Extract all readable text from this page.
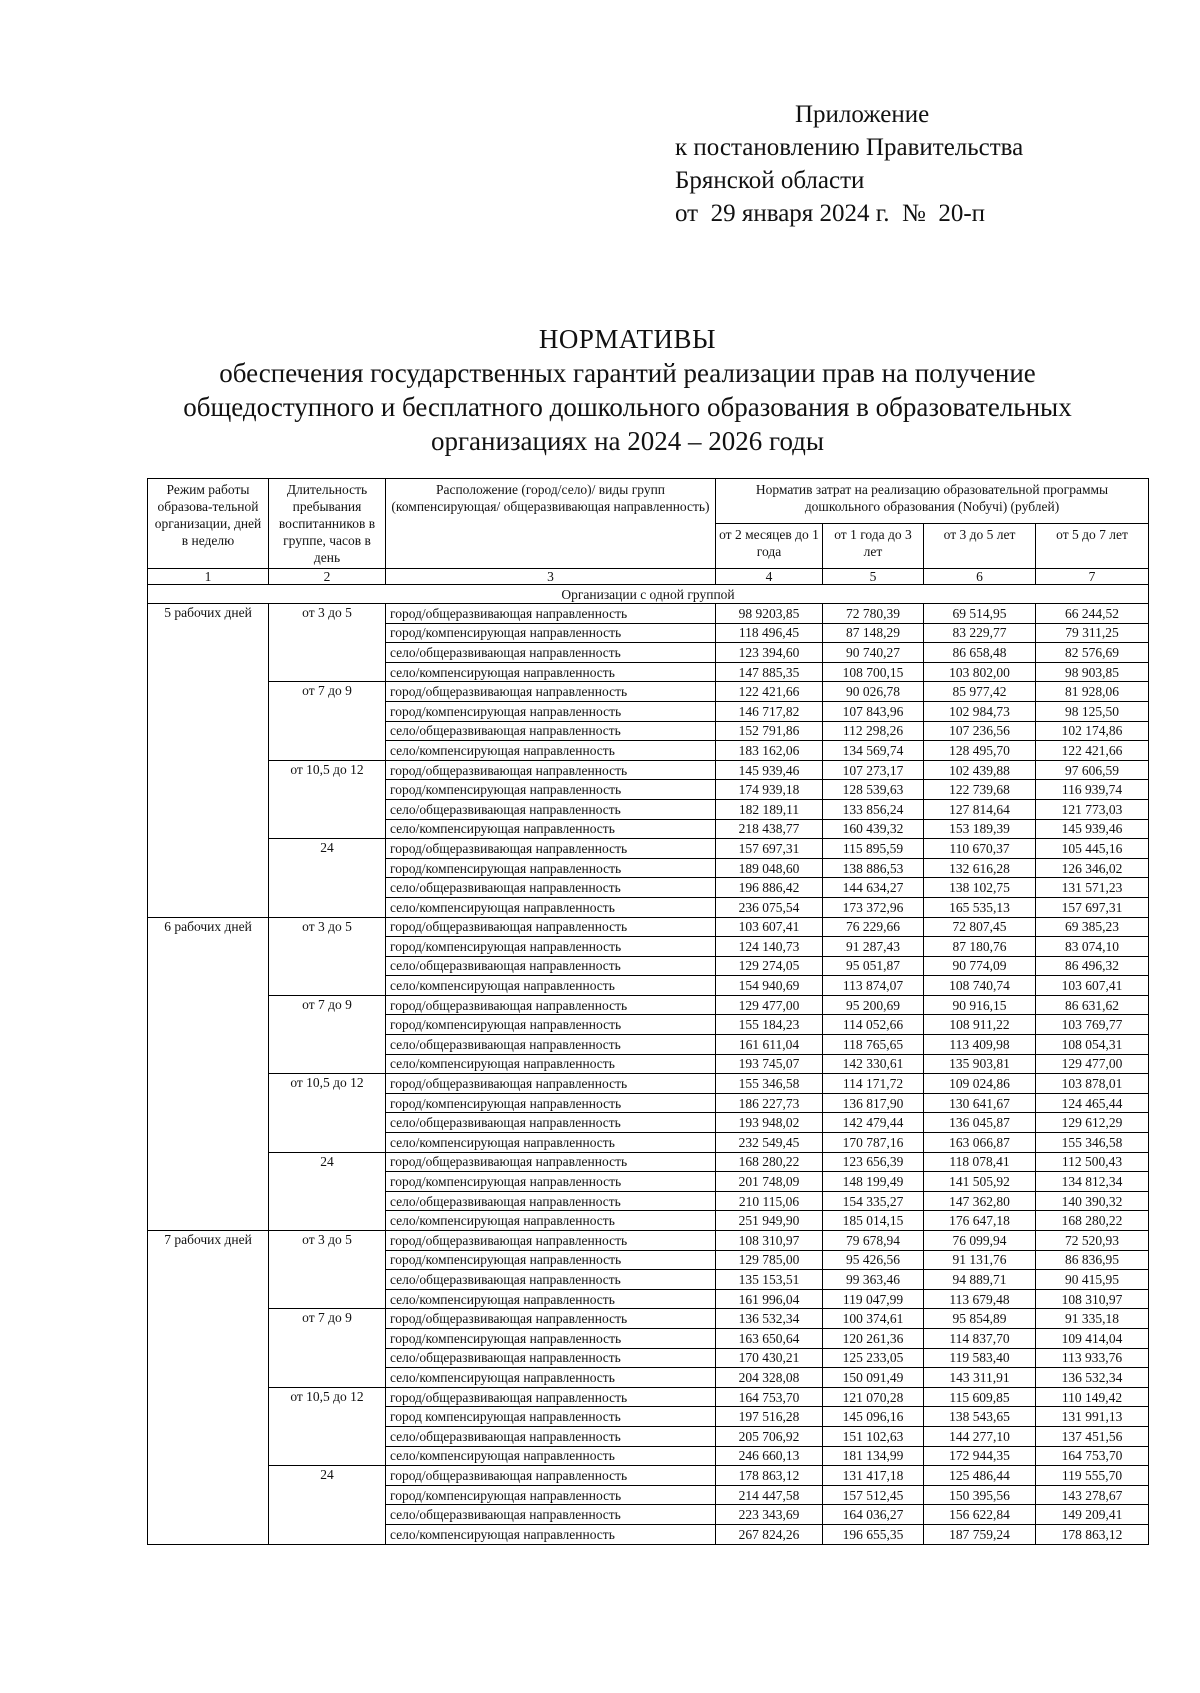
Приложение
к постановлению Правительства
Брянской области
от  29 января 2024 г.  №  20-п
НОРМАТИВЫ
обеспечения государственных гарантий реализации прав на получение
общедоступного и бесплатного дошкольного образования в образовательных
организациях на 2024 – 2026 годы
Режим работы образова-тельной организации, дней в неделю	Длительность пребывания воспитанников в группе, часов в день	Расположение (город/село)/ виды групп (компенсирующая/ общеразвивающая направленность)	Норматив затрат на реализацию образовательной программы дошкольного образования (Nобучі) (рублей)			
			от 2 месяцев до 1 года	от 1 года до 3 лет	от 3 до 5 лет	от 5 до 7 лет
1	2	3	4	5	6	7
Организации с одной группой						
5 рабочих дней	от 3 до 5	город/общеразвивающая направленность	98 9203,85	72 780,39	69 514,95	66 244,52
		город/компенсирующая направленность	118 496,45	87 148,29	83 229,77	79 311,25
		село/общеразвивающая направленность	123 394,60	90 740,27	86 658,48	82 576,69
		село/компенсирующая направленность	147 885,35	108 700,15	103 802,00	98 903,85
	от 7 до 9	город/общеразвивающая направленность	122 421,66	90 026,78	85 977,42	81 928,06
		город/компенсирующая направленность	146 717,82	107 843,96	102 984,73	98 125,50
		село/общеразвивающая направленность	152 791,86	112 298,26	107 236,56	102 174,86
		село/компенсирующая направленность	183 162,06	134 569,74	128 495,70	122 421,66
	от 10,5 до 12	город/общеразвивающая направленность	145 939,46	107 273,17	102 439,88	97 606,59
		город/компенсирующая направленность	174 939,18	128 539,63	122 739,68	116 939,74
		село/общеразвивающая направленность	182 189,11	133 856,24	127 814,64	121 773,03
		село/компенсирующая направленность	218 438,77	160 439,32	153 189,39	145 939,46
	24	город/общеразвивающая направленность	157 697,31	115 895,59	110 670,37	105 445,16
		город/компенсирующая направленность	189 048,60	138 886,53	132 616,28	126 346,02
		село/общеразвивающая направленность	196 886,42	144 634,27	138 102,75	131 571,23
		село/компенсирующая направленность	236 075,54	173 372,96	165 535,13	157 697,31
6 рабочих дней	от 3 до 5	город/общеразвивающая направленность	103 607,41	76 229,66	72 807,45	69 385,23
		город/компенсирующая направленность	124 140,73	91 287,43	87 180,76	83 074,10
		село/общеразвивающая направленность	129 274,05	95 051,87	90 774,09	86 496,32
		село/компенсирующая направленность	154 940,69	113 874,07	108 740,74	103 607,41
	от 7 до 9	город/общеразвивающая направленность	129 477,00	95 200,69	90 916,15	86 631,62
		город/компенсирующая направленность	155 184,23	114 052,66	108 911,22	103 769,77
		село/общеразвивающая направленность	161 611,04	118 765,65	113 409,98	108 054,31
		село/компенсирующая направленность	193 745,07	142 330,61	135 903,81	129 477,00
	от 10,5 до 12	город/общеразвивающая направленность	155 346,58	114 171,72	109 024,86	103 878,01
		город/компенсирующая направленность	186 227,73	136 817,90	130 641,67	124 465,44
		село/общеразвивающая направленность	193 948,02	142 479,44	136 045,87	129 612,29
		село/компенсирующая направленность	232 549,45	170 787,16	163 066,87	155 346,58
	24	город/общеразвивающая направленность	168 280,22	123 656,39	118 078,41	112 500,43
		город/компенсирующая направленность	201 748,09	148 199,49	141 505,92	134 812,34
		село/общеразвивающая направленность	210 115,06	154 335,27	147 362,80	140 390,32
		село/компенсирующая направленность	251 949,90	185 014,15	176 647,18	168 280,22
7 рабочих дней	от 3 до 5	город/общеразвивающая направленность	108 310,97	79 678,94	76 099,94	72 520,93
		город/компенсирующая направленность	129 785,00	95 426,56	91 131,76	86 836,95
		село/общеразвивающая направленность	135 153,51	99 363,46	94 889,71	90 415,95
		село/компенсирующая направленность	161 996,04	119 047,99	113 679,48	108 310,97
	от 7 до 9	город/общеразвивающая направленность	136 532,34	100 374,61	95 854,89	91 335,18
		город/компенсирующая направленность	163 650,64	120 261,36	114 837,70	109 414,04
		село/общеразвивающая направленность	170 430,21	125 233,05	119 583,40	113 933,76
		село/компенсирующая направленность	204 328,08	150 091,49	143 311,91	136 532,34
	от 10,5 до 12	город/общеразвивающая направленность	164 753,70	121 070,28	115 609,85	110 149,42
		город компенсирующая направленность	197 516,28	145 096,16	138 543,65	131 991,13
		село/общеразвивающая направленность	205 706,92	151 102,63	144 277,10	137 451,56
		село/компенсирующая направленность	246 660,13	181 134,99	172 944,35	164 753,70
	24	город/общеразвивающая направленность	178 863,12	131 417,18	125 486,44	119 555,70
		город/компенсирующая направленность	214 447,58	157 512,45	150 395,56	143 278,67
		село/общеразвивающая направленность	223 343,69	164 036,27	156 622,84	149 209,41
		село/компенсирующая направленность	267 824,26	196 655,35	187 759,24	178 863,12
